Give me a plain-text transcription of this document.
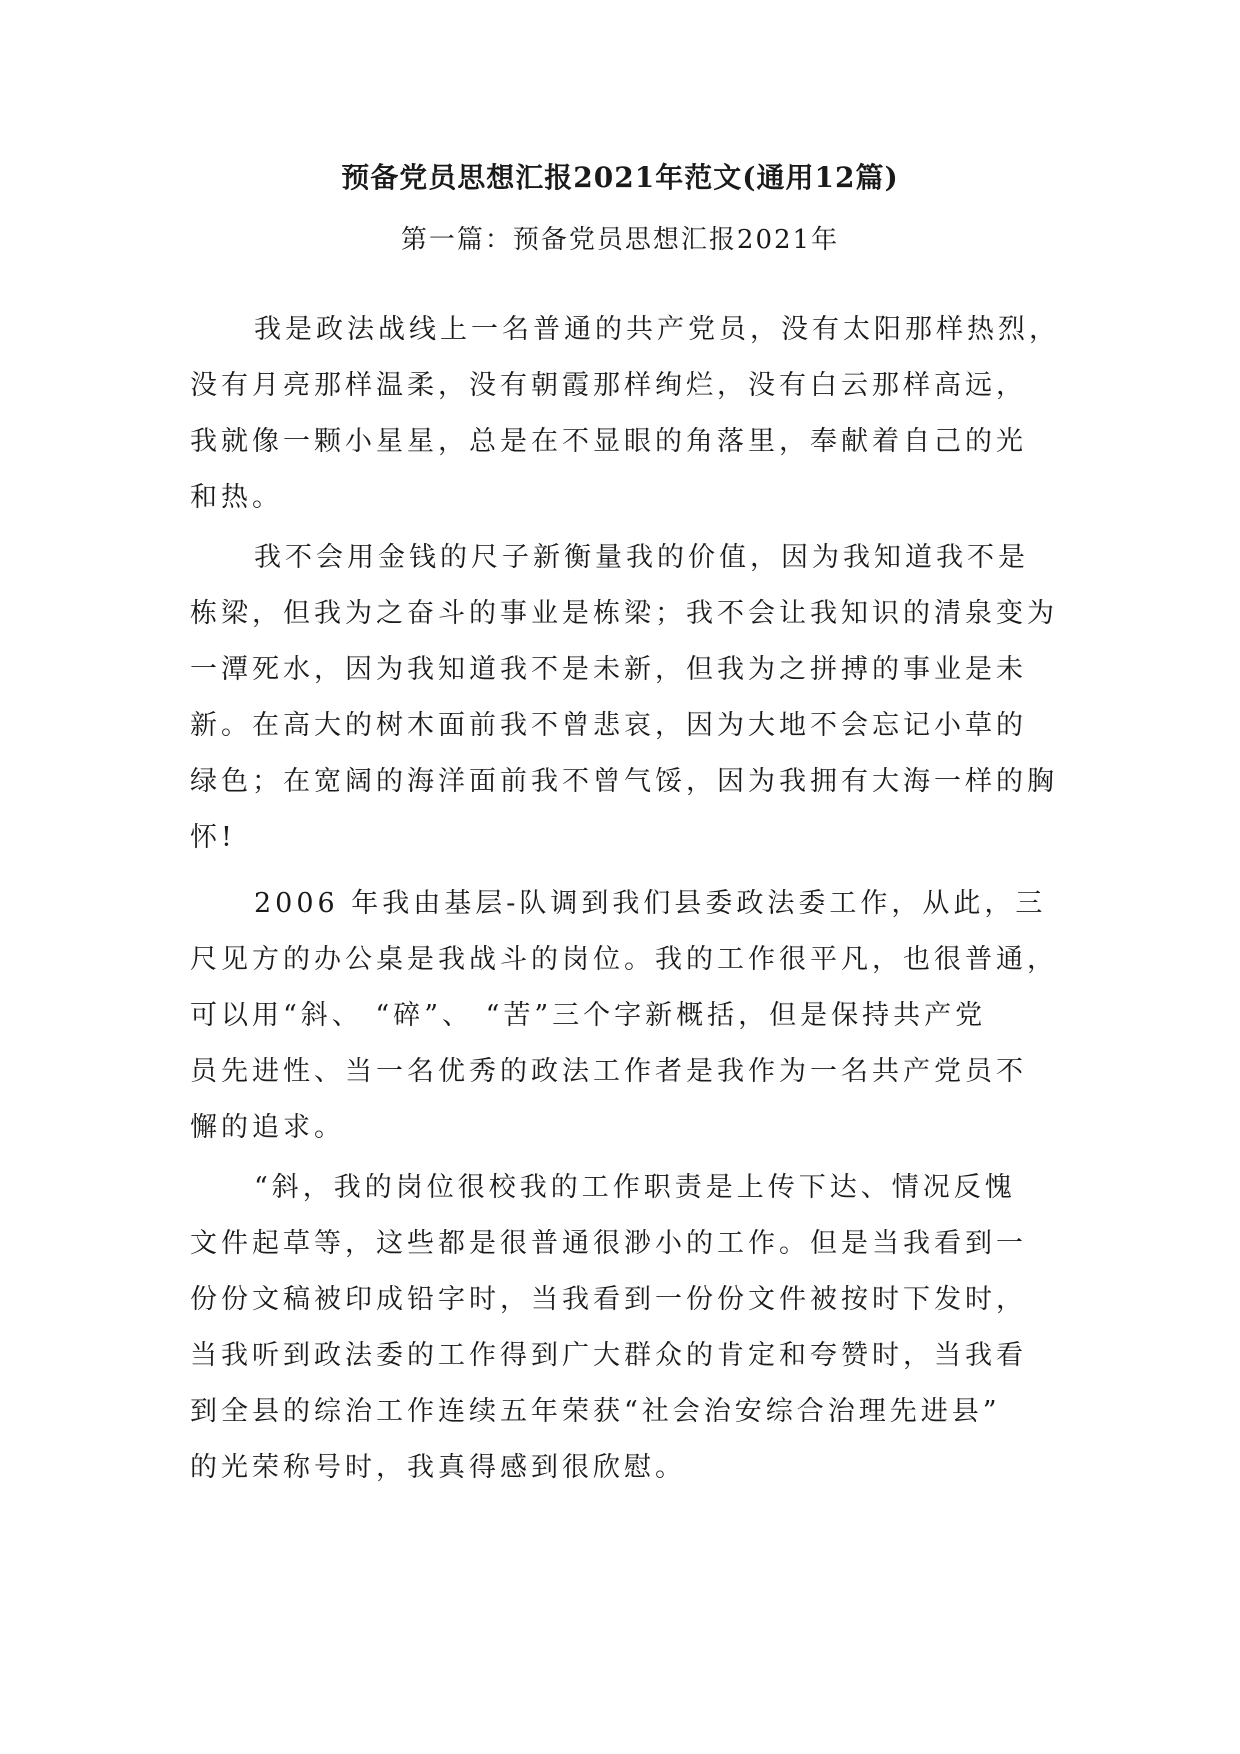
预备党员思想汇报2021年范文(通用12篇)
第一篇：预备党员思想汇报2021年
我是政法战线上一名普通的共产党员，没有太阳那样热烈，
没有月亮那样温柔，没有朝霞那样绚烂，没有白云那样高远，
我就像一颗小星星，总是在不显眼的角落里，奉献着自己的光
和热。
我不会用金钱的尺子新衡量我的价值，因为我知道我不是
栋梁，但我为之奋斗的事业是栋梁；我不会让我知识的清泉变为
一潭死水，因为我知道我不是未新，但我为之拼搏的事业是未
新。在高大的树木面前我不曾悲哀，因为大地不会忘记小草的
绿色；在宽阔的海洋面前我不曾气馁，因为我拥有大海一样的胸
怀!
2006 年我由基层-队调到我们县委政法委工作，从此，三
尺见方的办公桌是我战斗的岗位。我的工作很平凡，也很普通，
可以用“斜、 “碎”、 “苦”三个字新概括，但是保持共产党
员先进性、当一名优秀的政法工作者是我作为一名共产党员不
懈的追求。
“斜，我的岗位很校我的工作职责是上传下达、情况反愧
文件起草等，这些都是很普通很渺小的工作。但是当我看到一
份份文稿被印成铅字时，当我看到一份份文件被按时下发时，
当我听到政法委的工作得到广大群众的肯定和夸赞时，当我看
到全县的综治工作连续五年荣获“社会治安综合治理先进县”
的光荣称号时，我真得感到很欣慰。
